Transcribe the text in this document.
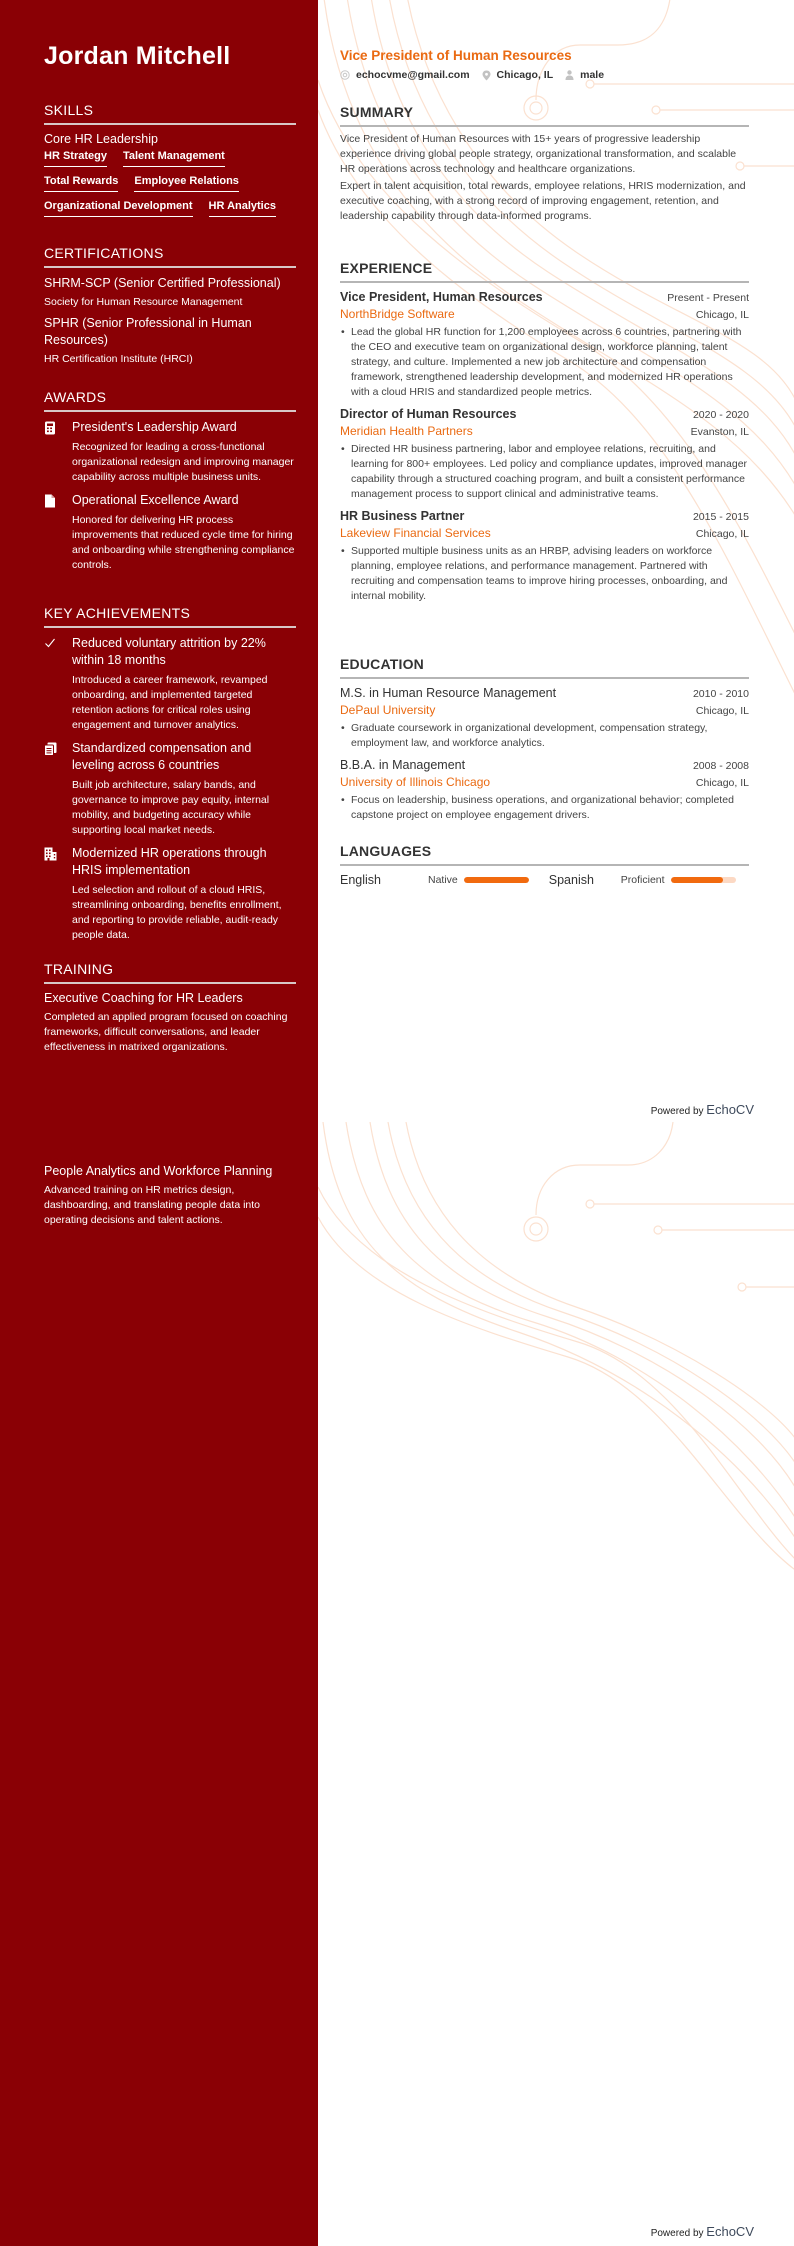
Jordan Mitchell
SKILLS
Core HR Leadership
HR Strategy Talent Management
Total Rewards Employee Relations
Organizational Development HR Analytics
CERTIFICATIONS
SHRM-SCP (Senior Certified Professional)
Society for Human Resource Management
SPHR (Senior Professional in Human Resources)
HR Certification Institute (HRCI)
AWARDS
President's Leadership Award
Recognized for leading a cross-functional organizational redesign and improving manager capability across multiple business units.
Operational Excellence Award
Honored for delivering HR process improvements that reduced cycle time for hiring and onboarding while strengthening compliance controls.
KEY ACHIEVEMENTS
Reduced voluntary attrition by 22% within 18 months
Introduced a career framework, revamped onboarding, and implemented targeted retention actions for critical roles using engagement and turnover analytics.
Standardized compensation and leveling across 6 countries
Built job architecture, salary bands, and governance to improve pay equity, internal mobility, and budgeting accuracy while supporting local market needs.
Modernized HR operations through HRIS implementation
Led selection and rollout of a cloud HRIS, streamlining onboarding, benefits enrollment, and reporting to provide reliable, audit-ready people data.
TRAINING
Executive Coaching for HR Leaders
Completed an applied program focused on coaching frameworks, difficult conversations, and leader effectiveness in matrixed organizations.
People Analytics and Workforce Planning
Advanced training on HR metrics design, dashboarding, and translating people data into operating decisions and talent actions.
Vice President of Human Resources
echocvme@gmail.com	Chicago, IL	male
SUMMARY

Vice President of Human Resources with 15+ years of progressive leadership experience driving global people strategy, organizational transformation, and scalable HR operations across technology and healthcare organizations.

Expert in talent acquisition, total rewards, employee relations, HRIS modernization, and executive coaching, with a strong record of improving engagement, retention, and leadership capability through data-informed programs.

EXPERIENCE
Vice President, Human Resources	Present - Present
NorthBridge Software	Chicago, IL
• Lead the global HR function for 1,200 employees across 6 countries, partnering with the CEO and executive team on organizational design, workforce planning, talent strategy, and culture. Implemented a new job architecture and compensation framework, strengthened leadership development, and modernized HR operations with a cloud HRIS and standardized people metrics.
Director of Human Resources	2020 - 2020
Meridian Health Partners	Evanston, IL
• Directed HR business partnering, labor and employee relations, recruiting, and learning for 800+ employees. Led policy and compliance updates, improved manager capability through a structured coaching program, and built a consistent performance management process to support clinical and administrative teams.
HR Business Partner	2015 - 2015
Lakeview Financial Services	Chicago, IL
• Supported multiple business units as an HRBP, advising leaders on workforce planning, employee relations, and performance management. Partnered with recruiting and compensation teams to improve hiring processes, onboarding, and internal mobility.
EDUCATION
M.S. in Human Resource Management	2010 - 2010
DePaul University	Chicago, IL
• Graduate coursework in organizational development, compensation strategy, employment law, and workforce analytics.
B.B.A. in Management	2008 - 2008
University of Illinois Chicago	Chicago, IL
• Focus on leadership, business operations, and organizational behavior; completed capstone project on employee engagement drivers.
LANGUAGES
English	Native	Spanish	Proficient
Powered by EchoCV
Powered by EchoCV
